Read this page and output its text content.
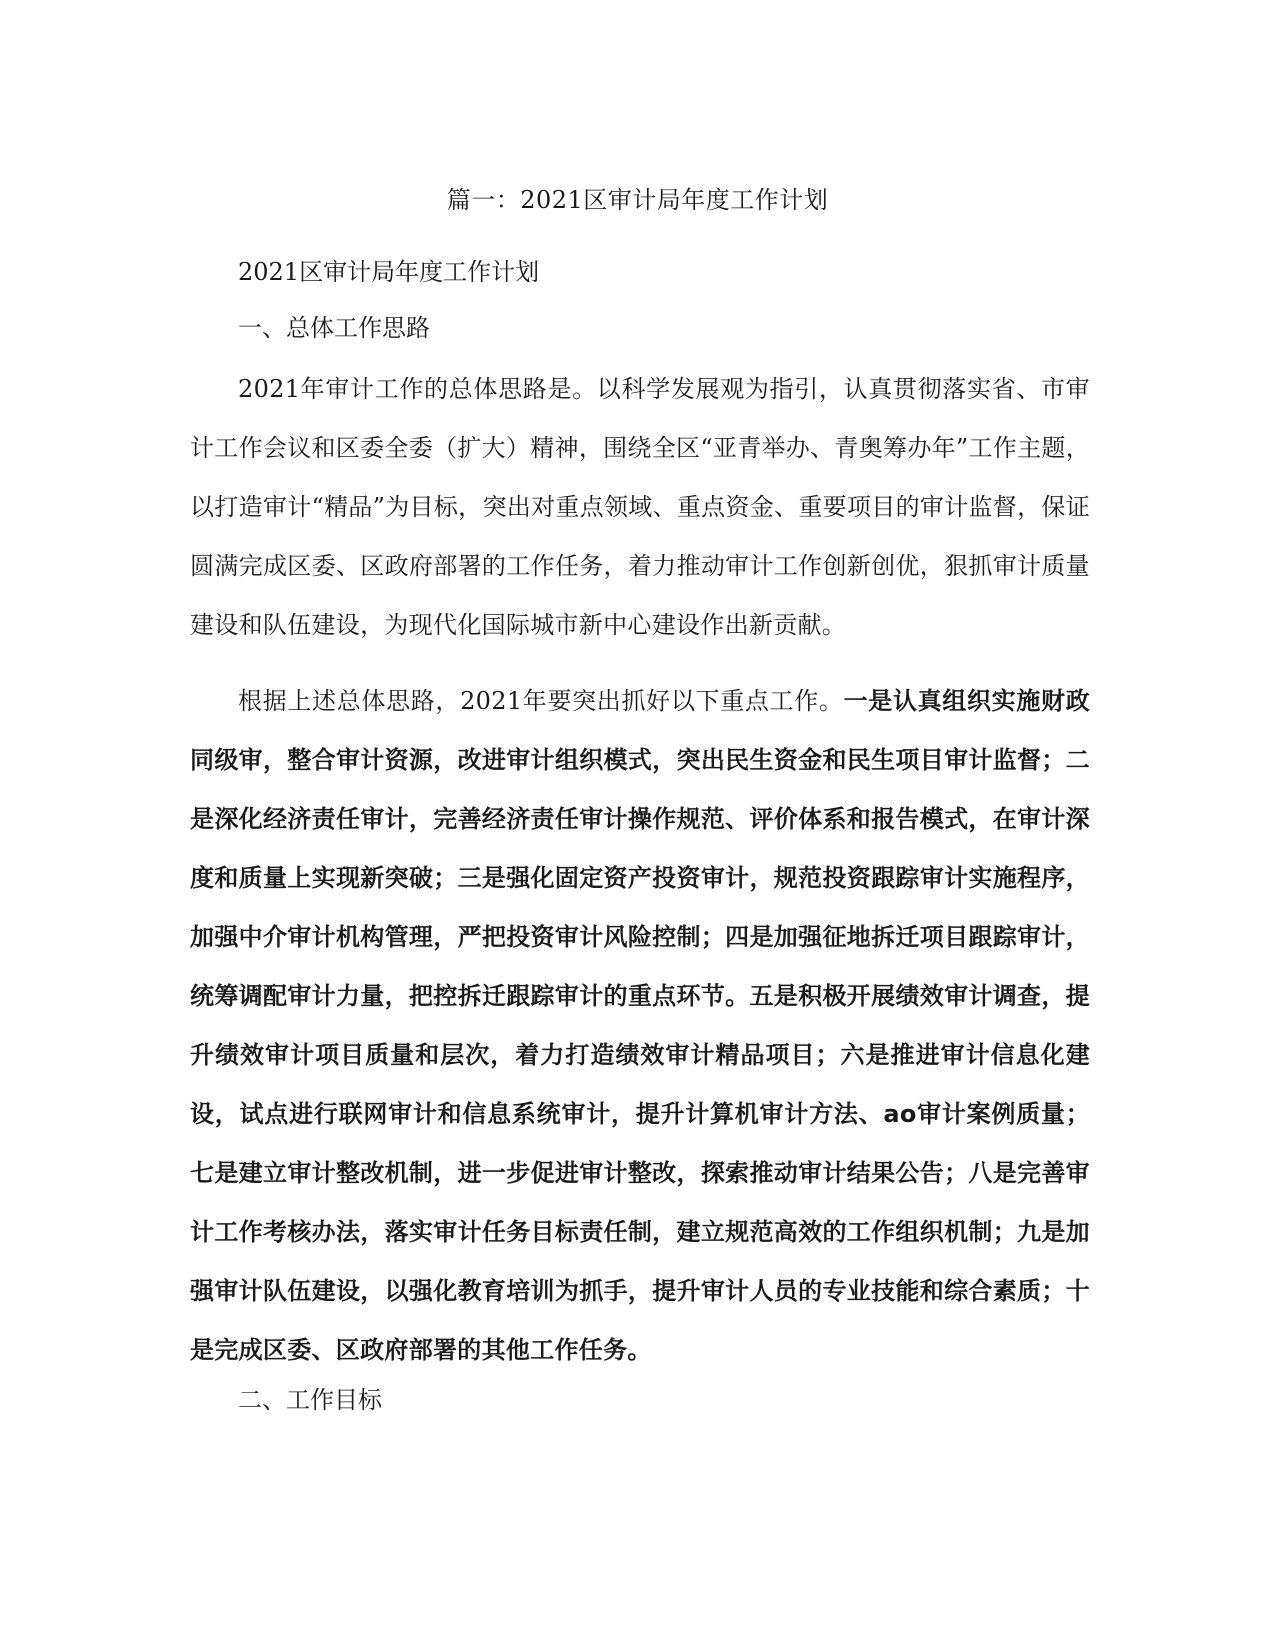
篇一：2021区审计局年度工作计划
2021区审计局年度工作计划
一、总体工作思路

2021年审计工作的总体思路是。以科学发展观为指引，认真贯彻落实省、市审计工作会议和区委全委（扩大）精神，围绕全区“亚青举办、青奥筹办年”工作主题，以打造审计“精品”为目标，突出对重点领域、重点资金、重要项目的审计监督，保证圆满完成区委、区政府部署的工作任务，着力推动审计工作创新创优，狠抓审计质量建设和队伍建设，为现代化国际城市新中心建设作出新贡献。

根据上述总体思路，2021年要突出抓好以下重点工作。一是认真组织实施财政同级审，整合审计资源，改进审计组织模式，突出民生资金和民生项目审计监督；二是深化经济责任审计，完善经济责任审计操作规范、评价体系和报告模式，在审计深度和质量上实现新突破；三是强化固定资产投资审计，规范投资跟踪审计实施程序，加强中介审计机构管理，严把投资审计风险控制；四是加强征地拆迁项目跟踪审计，统筹调配审计力量，把控拆迁跟踪审计的重点环节。五是积极开展绩效审计调查，提升绩效审计项目质量和层次，着力打造绩效审计精品项目；六是推进审计信息化建设，试点进行联网审计和信息系统审计，提升计算机审计方法、ao审计案例质量；七是建立审计整改机制，进一步促进审计整改，探索推动审计结果公告；八是完善审计工作考核办法，落实审计任务目标责任制，建立规范高效的工作组织机制；九是加强审计队伍建设，以强化教育培训为抓手，提升审计人员的专业技能和综合素质；十是完成区委、区政府部署的其他工作任务。

二、工作目标
